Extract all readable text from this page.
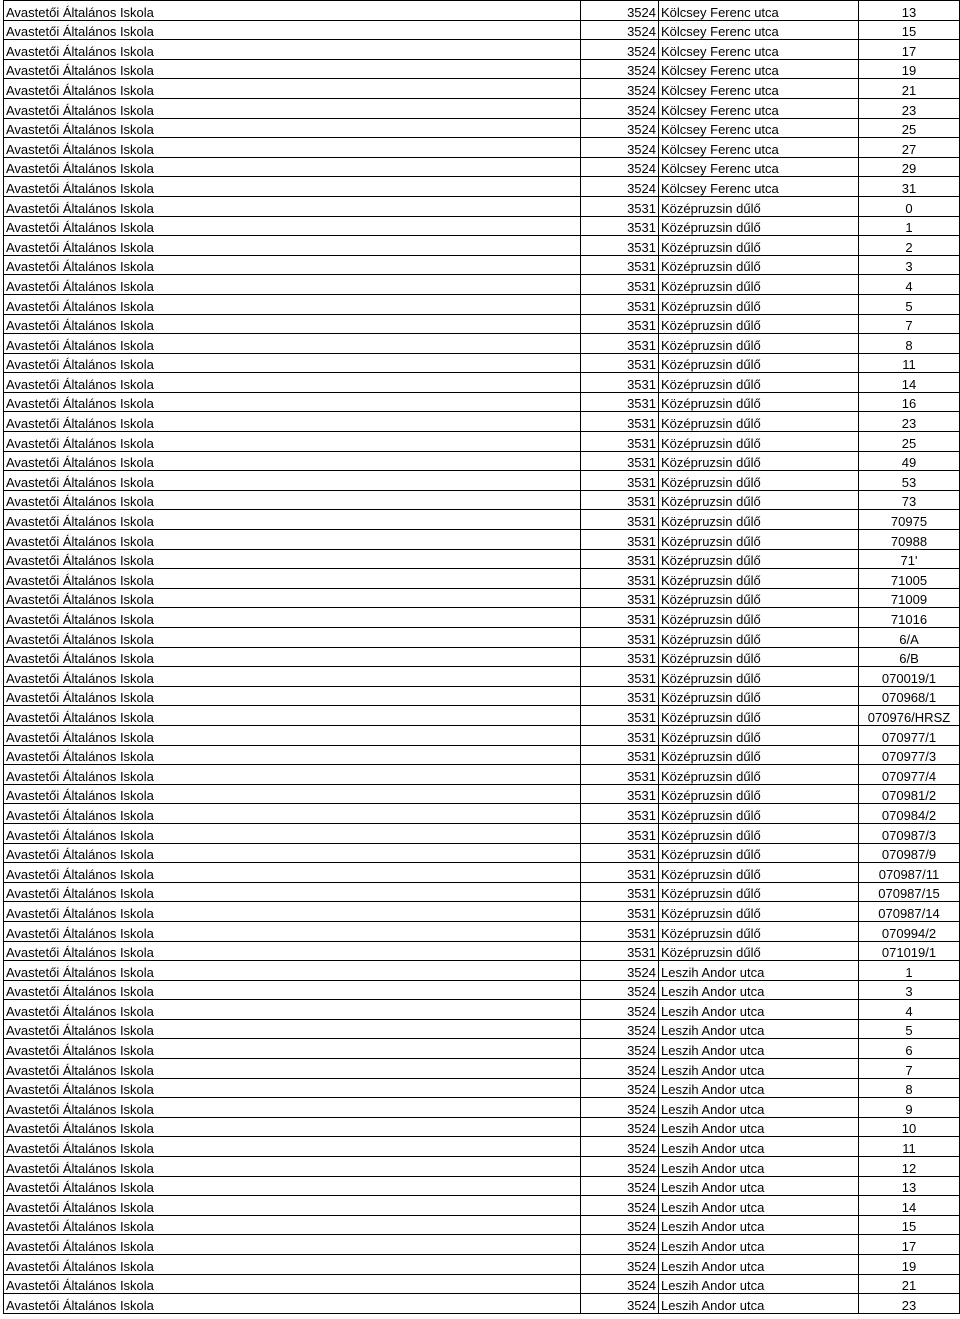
Avastetői Általános Iskola	3524	Kölcsey Ferenc utca	13
Avastetői Általános Iskola	3524	Kölcsey Ferenc utca	15
Avastetői Általános Iskola	3524	Kölcsey Ferenc utca	17
Avastetői Általános Iskola	3524	Kölcsey Ferenc utca	19
Avastetői Általános Iskola	3524	Kölcsey Ferenc utca	21
Avastetői Általános Iskola	3524	Kölcsey Ferenc utca	23
Avastetői Általános Iskola	3524	Kölcsey Ferenc utca	25
Avastetői Általános Iskola	3524	Kölcsey Ferenc utca	27
Avastetői Általános Iskola	3524	Kölcsey Ferenc utca	29
Avastetői Általános Iskola	3524	Kölcsey Ferenc utca	31
Avastetői Általános Iskola	3531	Középruzsin dűlő	0
Avastetői Általános Iskola	3531	Középruzsin dűlő	1
Avastetői Általános Iskola	3531	Középruzsin dűlő	2
Avastetői Általános Iskola	3531	Középruzsin dűlő	3
Avastetői Általános Iskola	3531	Középruzsin dűlő	4
Avastetői Általános Iskola	3531	Középruzsin dűlő	5
Avastetői Általános Iskola	3531	Középruzsin dűlő	7
Avastetői Általános Iskola	3531	Középruzsin dűlő	8
Avastetői Általános Iskola	3531	Középruzsin dűlő	11
Avastetői Általános Iskola	3531	Középruzsin dűlő	14
Avastetői Általános Iskola	3531	Középruzsin dűlő	16
Avastetői Általános Iskola	3531	Középruzsin dűlő	23
Avastetői Általános Iskola	3531	Középruzsin dűlő	25
Avastetői Általános Iskola	3531	Középruzsin dűlő	49
Avastetői Általános Iskola	3531	Középruzsin dűlő	53
Avastetői Általános Iskola	3531	Középruzsin dűlő	73
Avastetői Általános Iskola	3531	Középruzsin dűlő	70975
Avastetői Általános Iskola	3531	Középruzsin dűlő	70988
Avastetői Általános Iskola	3531	Középruzsin dűlő	71'
Avastetői Általános Iskola	3531	Középruzsin dűlő	71005
Avastetői Általános Iskola	3531	Középruzsin dűlő	71009
Avastetői Általános Iskola	3531	Középruzsin dűlő	71016
Avastetői Általános Iskola	3531	Középruzsin dűlő	6/A
Avastetői Általános Iskola	3531	Középruzsin dűlő	6/B
Avastetői Általános Iskola	3531	Középruzsin dűlő	070019/1
Avastetői Általános Iskola	3531	Középruzsin dűlő	070968/1
Avastetői Általános Iskola	3531	Középruzsin dűlő	070976/HRSZ
Avastetői Általános Iskola	3531	Középruzsin dűlő	070977/1
Avastetői Általános Iskola	3531	Középruzsin dűlő	070977/3
Avastetői Általános Iskola	3531	Középruzsin dűlő	070977/4
Avastetői Általános Iskola	3531	Középruzsin dűlő	070981/2
Avastetői Általános Iskola	3531	Középruzsin dűlő	070984/2
Avastetői Általános Iskola	3531	Középruzsin dűlő	070987/3
Avastetői Általános Iskola	3531	Középruzsin dűlő	070987/9
Avastetői Általános Iskola	3531	Középruzsin dűlő	070987/11
Avastetői Általános Iskola	3531	Középruzsin dűlő	070987/15
Avastetői Általános Iskola	3531	Középruzsin dűlő	070987/14
Avastetői Általános Iskola	3531	Középruzsin dűlő	070994/2
Avastetői Általános Iskola	3531	Középruzsin dűlő	071019/1
Avastetői Általános Iskola	3524	Leszih Andor utca	1
Avastetői Általános Iskola	3524	Leszih Andor utca	3
Avastetői Általános Iskola	3524	Leszih Andor utca	4
Avastetői Általános Iskola	3524	Leszih Andor utca	5
Avastetői Általános Iskola	3524	Leszih Andor utca	6
Avastetői Általános Iskola	3524	Leszih Andor utca	7
Avastetői Általános Iskola	3524	Leszih Andor utca	8
Avastetői Általános Iskola	3524	Leszih Andor utca	9
Avastetői Általános Iskola	3524	Leszih Andor utca	10
Avastetői Általános Iskola	3524	Leszih Andor utca	11
Avastetői Általános Iskola	3524	Leszih Andor utca	12
Avastetői Általános Iskola	3524	Leszih Andor utca	13
Avastetői Általános Iskola	3524	Leszih Andor utca	14
Avastetői Általános Iskola	3524	Leszih Andor utca	15
Avastetői Általános Iskola	3524	Leszih Andor utca	17
Avastetői Általános Iskola	3524	Leszih Andor utca	19
Avastetői Általános Iskola	3524	Leszih Andor utca	21
Avastetői Általános Iskola	3524	Leszih Andor utca	23
